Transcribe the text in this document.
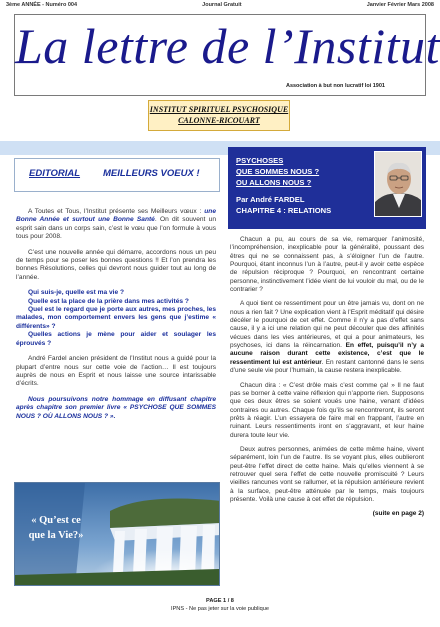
3ème ANNÉE - Numéro 004	Journal Gratuit	Janvier Février Mars 2008
La lettre de l’Institut
Association à but non lucratif loi 1901
INSTITUT SPIRITUEL PSYCHOSIQUE
CALONNE-RICOUART
EDITORIAL MEILLEURS VOEUX !

A Toutes et Tous, l’Institut présente ses Meilleurs vœux : une Bonne Année et surtout une Bonne Santé. On dit souvent un esprit sain dans un corps sain, c’est le vœu que l’on formule à vous tous pour 2008.

C’est une nouvelle année qui démarre, accordons nous un peu de temps pour se poser les bonnes questions !! Et l’on prendra les bonnes Résolutions, celles qui devront nous guider tout au long de l’année.

Qui suis-je, quelle est ma vie ?
Quelle est la place de la prière dans mes activités ?
Quel est le regard que je porte aux autres, mes proches, les malades, mon comportement envers les gens que j’estime « différents» ?
Quelles actions je mène pour aider et soulager les éprouvés ?

André Fardel ancien président de l’Institut nous a guidé pour la plupart d’entre nous sur cette voie de l’action… Il est toujours auprès de nous en Esprit et nous laisse une source intarissable d’écrits.

Nous poursuivons notre hommage en diffusant chapitre après chapitre son premier livre « PSYCHOSE QUE SOMMES NOUS ? OÙ ALLONS NOUS ? ».

« Qu’est ce
que la Vie?»
PSYCHOSES
QUE SOMMES NOUS ?
OU ALLONS NOUS ?
Par André FARDEL
CHAPITRE 4 : RELATIONS

Chacun a pu, au cours de sa vie, remarquer l’animosité, l’incompréhension, inexplicable pour la généralité, poussant des êtres qui ne se connaissent pas, à s’éloigner l’un de l’autre. Pourquoi, étant inconnus l’un à l’autre, peut-il y avoir cette espèce de répulsion réciproque ? Pourquoi, en rencontrant certaine personne, instinctivement l’idée vient de lui vouloir du mal, ou de le contrarier ?

A quoi tient ce ressentiment pour un être jamais vu, dont on ne nous a rien fait ? Une explication vient à l’Esprit méditatif qui désire décéler le pourquoi de cet effet. Comme il n’y a pas d’effet sans cause, il y a ici une relation qui ne peut découler que des affinités vécues dans les vies antérieures, et qui a pour animateurs, les psychoses, ici dans la réincarnation. En effet, puisqu’il n’y a aucune raison durant cette existence, c’est que le ressentiment lui est antérieur. En restant cantonné dans le sens d’une seule vie pour l’humain, la cause restera inexplicable.

Chacun dira : « C’est drôle mais c’est comme ça! » Il ne faut pas se borner à cette vaine réflexion qui n’apporte rien. Supposons que ces deux êtres se soient voués une haine, venant d’idées contraires ou autres. Chaque fois qu’ils se rencontreront, ils seront prêts à réagir. L’un essayera de faire mal en frappant, l’autre en ruinant. Leurs ressentiments iront en s’aggravant, et leur haine durera toute leur vie.

Deux autres personnes, animées de cette même haine, vivent séparément, loin l’un de l’autre. Ils se voyant plus, elles oublieront peut-être l’effet direct de cette haine. Mais qu’elles viennent à se retrouver quel sera l’effet de cette nouvelle promiscuité ? Leurs vieilles rancunes vont se rallumer, et la répulsion antérieure revient à la surface, peut-être atténuée par le temps, mais toujours présente. Voilà une cause à cet effet de répulsion.

(suite en page 2)

PAGE 1 / 8
IPNS - Ne pas jeter sur la voie publique
